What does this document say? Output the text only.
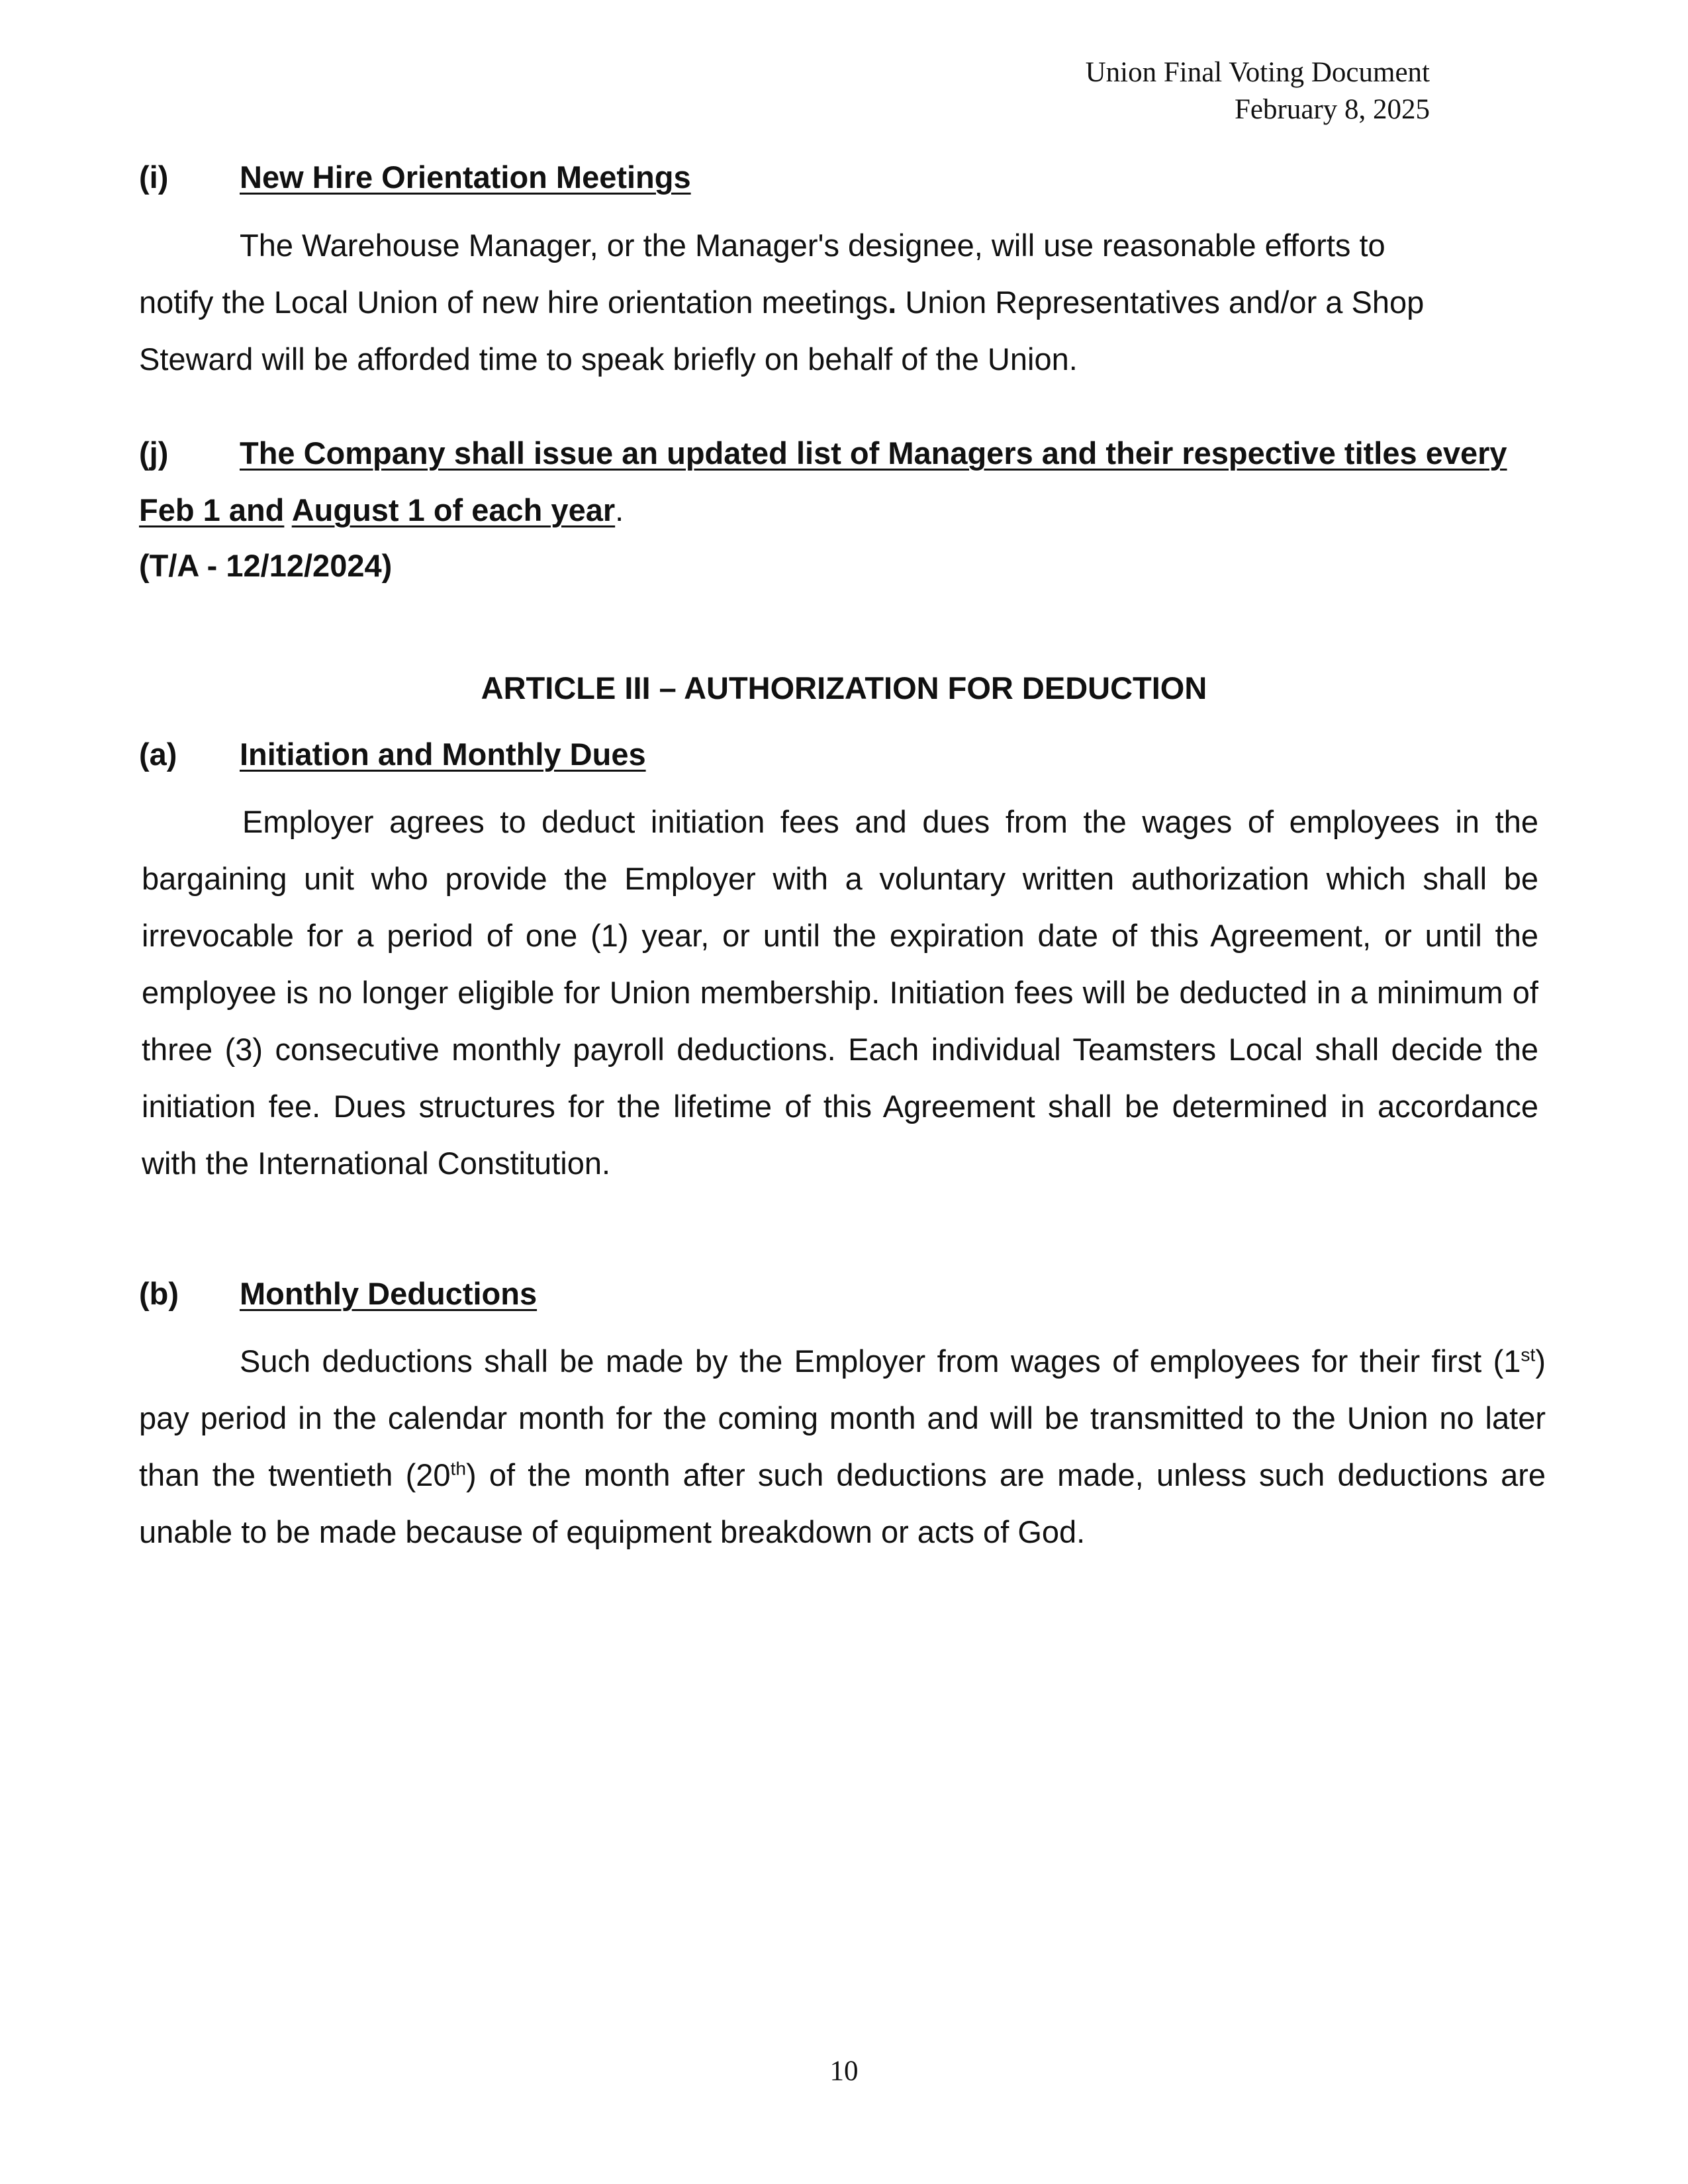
Union Final Voting Document
February 8, 2025
(i) New Hire Orientation Meetings
The Warehouse Manager, or the Manager's designee, will use reasonable efforts to notify the Local Union of new hire orientation meetings. Union Representatives and/or a Shop Steward will be afforded time to speak briefly on behalf of the Union.
(j) The Company shall issue an updated list of Managers and their respective titles every Feb 1 and August 1 of each year.
(T/A - 12/12/2024)
ARTICLE III – AUTHORIZATION FOR DEDUCTION
(a) Initiation and Monthly Dues
Employer agrees to deduct initiation fees and dues from the wages of employees in the bargaining unit who provide the Employer with a voluntary written authorization which shall be irrevocable for a period of one (1) year, or until the expiration date of this Agreement, or until the employee is no longer eligible for Union membership. Initiation fees will be deducted in a minimum of three (3) consecutive monthly payroll deductions. Each individual Teamsters Local shall decide the initiation fee. Dues structures for the lifetime of this Agreement shall be determined in accordance with the International Constitution.
(b) Monthly Deductions
Such deductions shall be made by the Employer from wages of employees for their first (1st) pay period in the calendar month for the coming month and will be transmitted to the Union no later than the twentieth (20th) of the month after such deductions are made, unless such deductions are unable to be made because of equipment breakdown or acts of God.
10
